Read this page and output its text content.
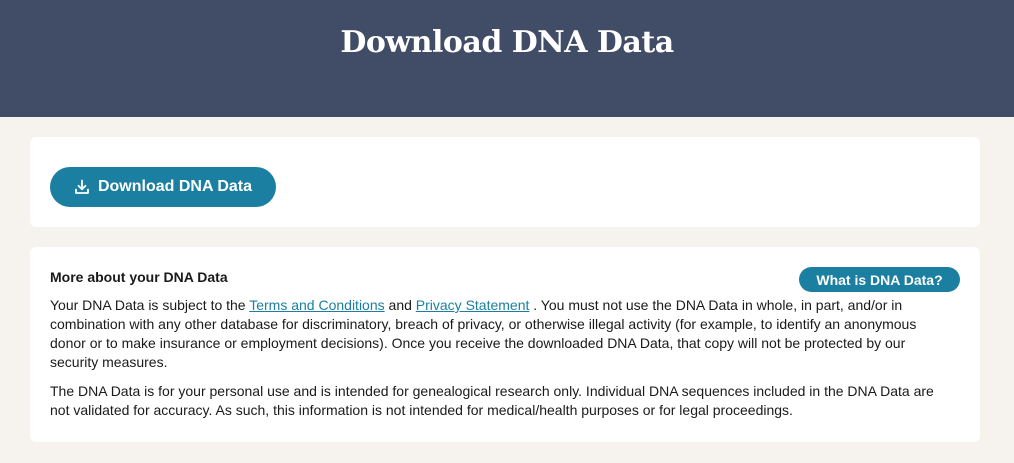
Download DNA Data
Download DNA Data
More about your DNA Data	What is DNA Data?

Your DNA Data is subject to the Terms and Conditions and Privacy Statement . You must not use the DNA Data in whole, in part, and/or in combination with any other database for discriminatory, breach of privacy, or otherwise illegal activity (for example, to identify an anonymous donor or to make insurance or employment decisions). Once you receive the downloaded DNA Data, that copy will not be protected by our security measures.

The DNA Data is for your personal use and is intended for genealogical research only. Individual DNA sequences included in the DNA Data are not validated for accuracy. As such, this information is not intended for medical/health purposes or for legal proceedings.
